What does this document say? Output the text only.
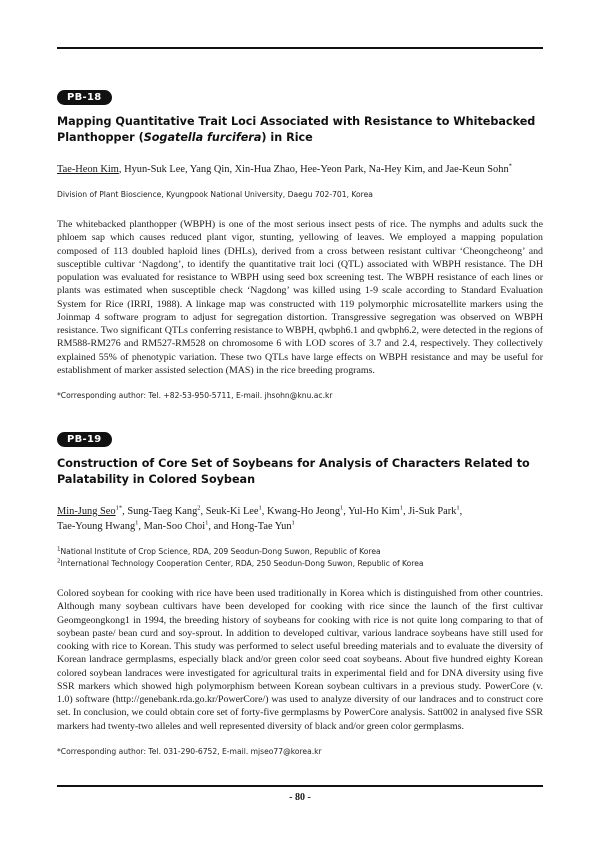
PB-18
Mapping Quantitative Trait Loci Associated with Resistance to Whitebacked Planthopper (Sogatella furcifera) in Rice
Tae-Heon Kim, Hyun-Suk Lee, Yang Qin, Xin-Hua Zhao, Hee-Yeon Park, Na-Hey Kim, and Jae-Keun Sohn*
Division of Plant Bioscience, Kyungpook National University, Daegu 702-701, Korea
The whitebacked planthopper (WBPH) is one of the most serious insect pests of rice. The nymphs and adults suck the phloem sap which causes reduced plant vigor, stunting, yellowing of leaves. We employed a mapping population composed of 113 doubled haploid lines (DHLs), derived from a cross between resistant cultivar ‘Cheongcheong’ and susceptible cultivar ‘Nagdong’, to identify the quantitative trait loci (QTL) associated with WBPH resistance. The DH population was evaluated for resistance to WBPH using seed box screening test. The WBPH resistance of each lines or plants was estimated when susceptible check ‘Nagdong’ was killed using 1-9 scale according to Standard Evaluation System for Rice (IRRI, 1988). A linkage map was constructed with 119 polymorphic microsatellite markers using the Joinmap 4 software program to adjust for segregation distortion. Transgressive segregation was observed on WBPH resistance. Two significant QTLs conferring resistance to WBPH, qwbph6.1 and qwbph6.2, were detected in the regions of RM588-RM276 and RM527-RM528 on chromosome 6 with LOD scores of 3.7 and 2.4, respectively. They collectively explained 55% of phenotypic variation. These two QTLs have large effects on WBPH resistance and may be useful for establishment of marker assisted selection (MAS) in the rice breeding programs.
*Corresponding author: Tel. +82-53-950-5711, E-mail. jhsohn@knu.ac.kr
PB-19
Construction of Core Set of Soybeans for Analysis of Characters Related to Palatability in Colored Soybean
Min-Jung Seo$^{1*}$, Sung-Taeg Kang$^2$, Seuk-Ki Lee$^1$, Kwang-Ho Jeong$^1$, Yul-Ho Kim$^1$, Ji-Suk Park$^1$,
Tae-Young Hwang$^1$, Man-Soo Choi$^1$, and Hong-Tae Yun$^1$
$^1$National Institute of Crop Science, RDA, 209 Seodun-Dong Suwon, Republic of Korea
$^2$International Technology Cooperation Center, RDA, 250 Seodun-Dong Suwon, Republic of Korea
Colored soybean for cooking with rice have been used traditionally in Korea which is distinguished from other countries. Although many soybean cultivars have been developed for cooking with rice since the launch of the first cultivar Geomgeongkong1 in 1994, the breeding history of soybeans for cooking with rice is not quite long comparing to that of soybean paste/ bean curd and soy-sprout. In addition to developed cultivar, various landrace soybeans have still used for cooking with rice to Korean. This study was performed to select useful breeding materials and to evaluate the diversity of Korean landrace germplasms, especially black and/or green color seed coat soybeans. About five hundred eighty Korean colored soybean landraces were investigated for agricultural traits in experimental field and for DNA diversity using five SSR markers which showed high polymorphism between Korean soybean cultivars in a previous study. PowerCore (v. 1.0) software (http://genebank.rda.go.kr/PowerCore/) was used to analyze diversity of our landraces and to construct core set. In conclusion, we could obtain core set of forty-five germplasms by PowerCore analysis. Satt002 in analysed five SSR markers had twenty-two alleles and well represented diversity of black and/or green color germplasms.
*Corresponding author: Tel. 031-290-6752, E-mail. mjseo77@korea.kr
- 80 -
